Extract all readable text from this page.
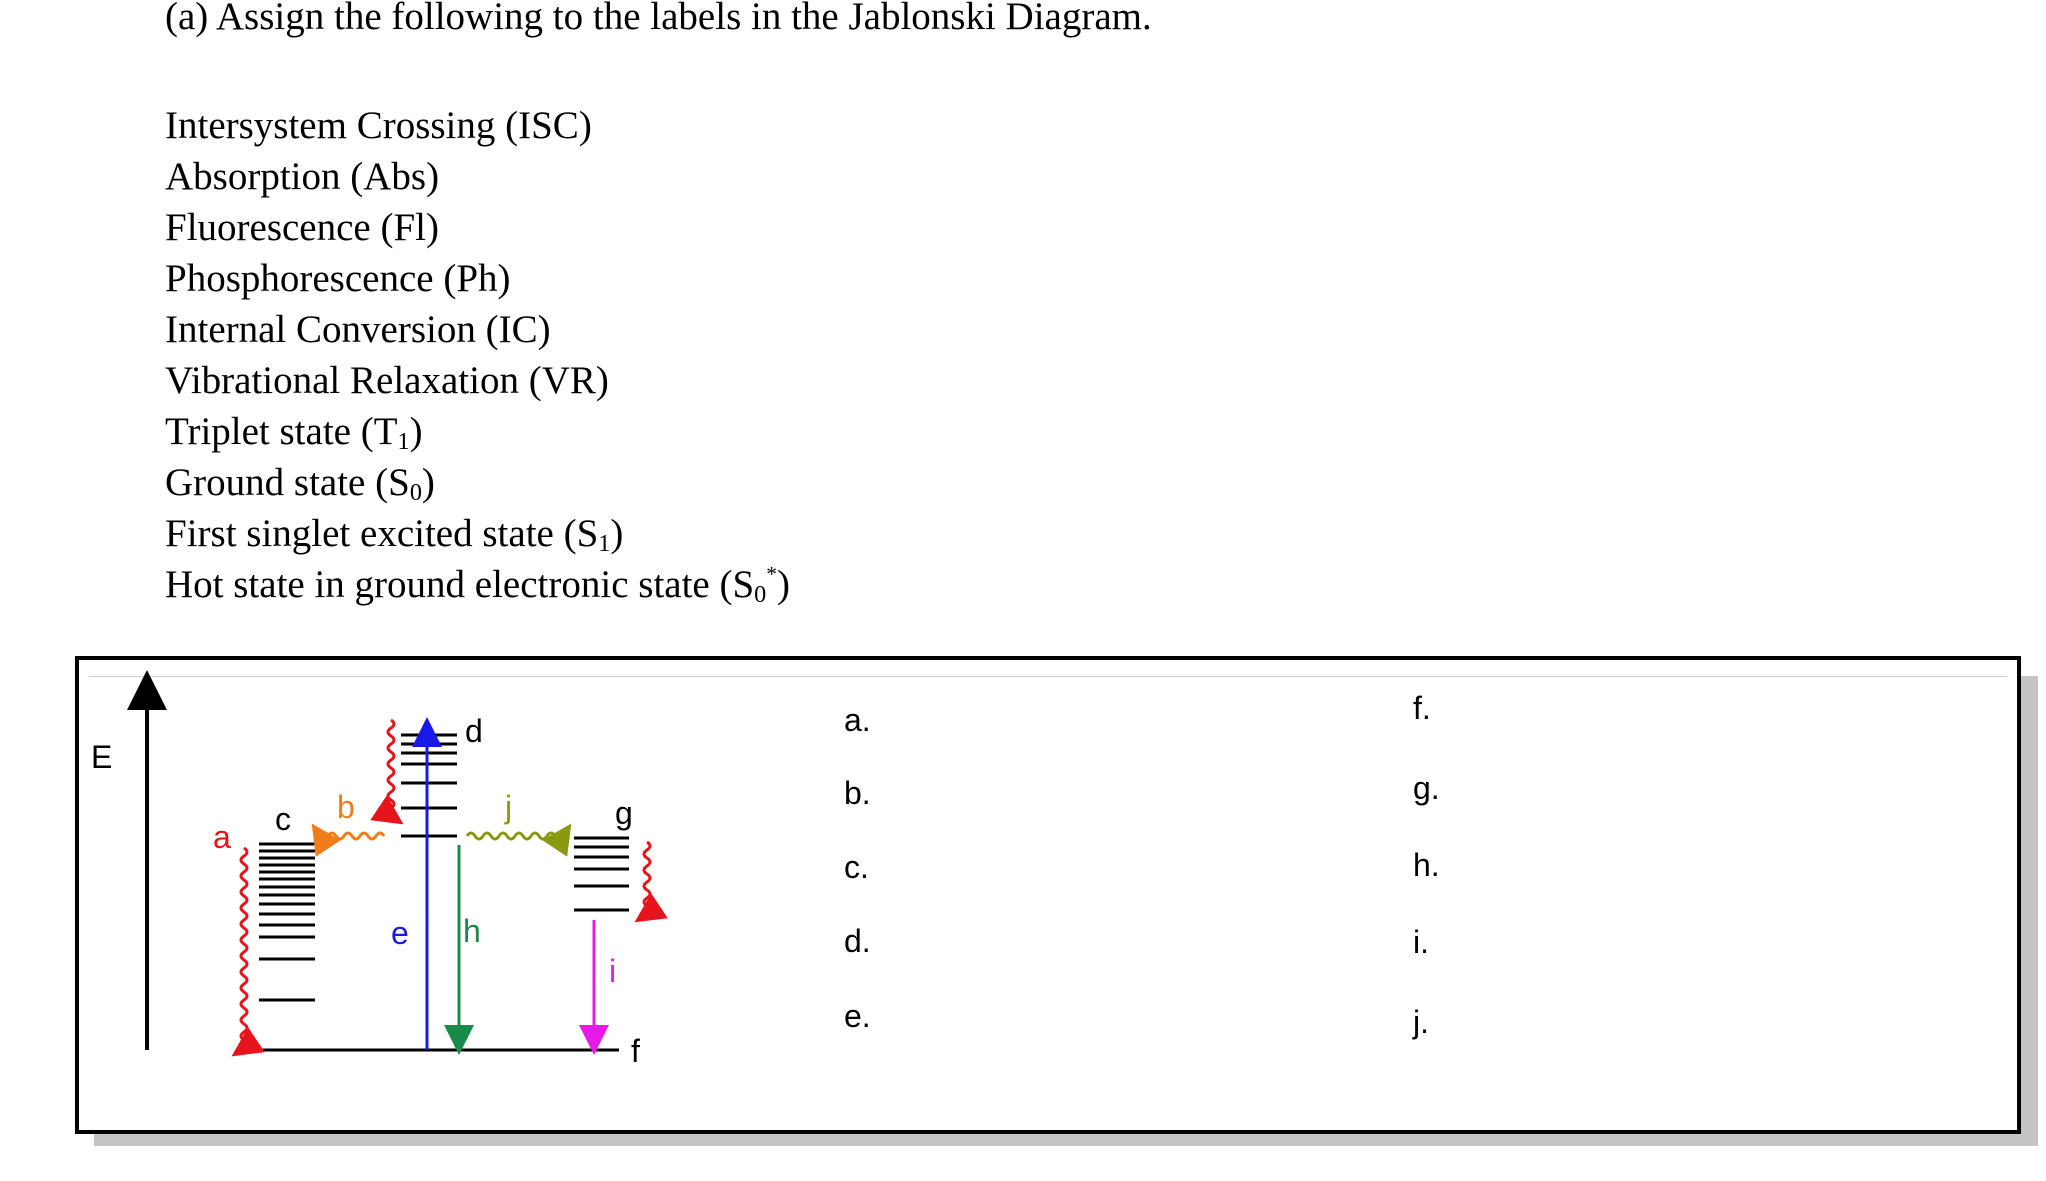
(a) Assign the following to the labels in the Jablonski Diagram.
Intersystem Crossing (ISC)
Absorption (Abs)
Fluorescence (Fl)
Phosphorescence (Ph)
Internal Conversion (IC)
Vibrational Relaxation (VR)
Triplet state $(T_1)$
Ground state $(S_0)$
First singlet excited state $(S_1)$
Hot state in ground electronic state $(S_0^*)$
E
a
b
c
d
e
f
g
h
i
j
a.
b.
c.
d.
e.
f.
g.
h.
i.
j.
